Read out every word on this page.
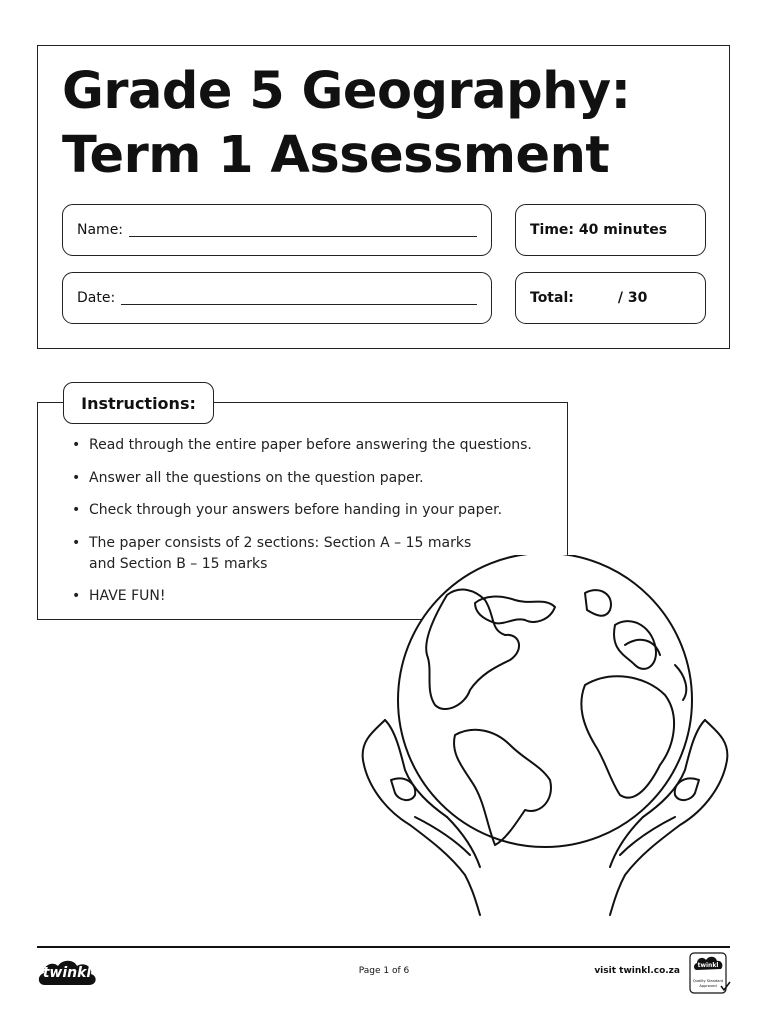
Grade 5 Geography:
Term 1 Assessment
Name:
Date:
Time: 40 minutes
Total:	/ 30
Instructions:
• Read through the entire paper before answering the questions.
• Answer all the questions on the question paper.
• Check through your answers before handing in your paper.
• The paper consists of 2 sections: Section A – 15 marks and Section B – 15 marks
• HAVE FUN!
twinkl	Page 1 of 6	visit twinkl.co.za
twinkl
Quality Standard
Approved
